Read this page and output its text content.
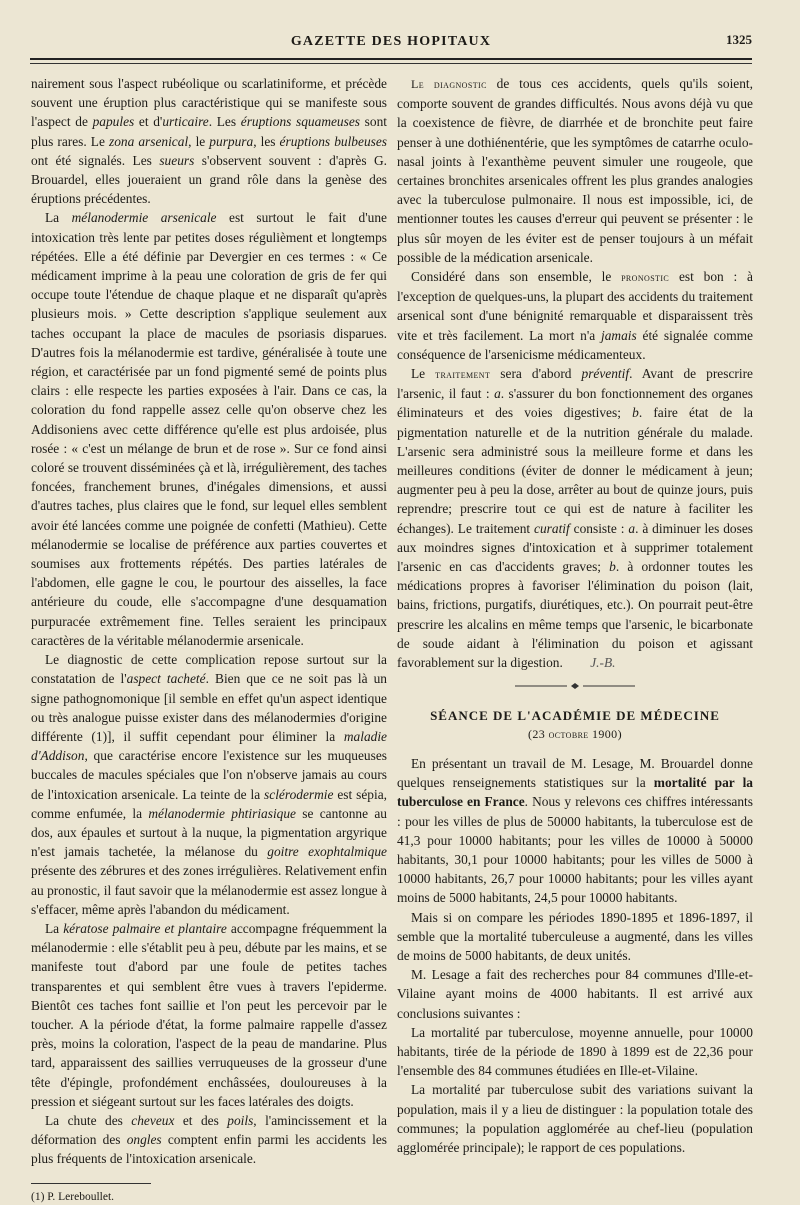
GAZETTE DES HOPITAUX	1325

nairement sous l'aspect rubéolique ou scarlatiniforme, et précède souvent une éruption plus caractéristique qui se manifeste sous l'aspect de papules et d'urticaire. Les éruptions squameuses sont plus rares. Le zona arsenical, le purpura, les éruptions bulbeuses ont été signalés. Les sueurs s'observent souvent : d'après G. Brouardel, elles joueraient un grand rôle dans la genèse des éruptions précédentes.

La mélanodermie arsenicale est surtout le fait d'une intoxication très lente par petites doses régulièment et longtemps répétées. Elle a été définie par Devergier en ces termes : « Ce médicament imprime à la peau une coloration de gris de fer qui occupe toute l'étendue de chaque plaque et ne disparaît qu'après plusieurs mois. » Cette description s'applique seulement aux taches occupant la place de macules de psoriasis disparues. D'autres fois la mélanodermie est tardive, généralisée à toute une région, et caractérisée par un fond pigmenté semé de points plus clairs : elle respecte les parties exposées à l'air. Dans ce cas, la coloration du fond rappelle assez celle qu'on observe chez les Addisoniens avec cette différence qu'elle est plus ardoisée, plus rosée : « c'est un mélange de brun et de rose ». Sur ce fond ainsi coloré se trouvent disséminées çà et là, irrégulièrement, des taches foncées, franchement brunes, d'inégales dimensions, et aussi d'autres taches, plus claires que le fond, sur lequel elles semblent avoir été lancées comme une poignée de confetti (Mathieu). Cette mélanodermie se localise de préférence aux parties couvertes et soumises aux frottements répétés. Des parties latérales de l'abdomen, elle gagne le cou, le pourtour des aisselles, la face antérieure du coude, elle s'accompagne d'une desquamation purpuracée extrêmement fine. Telles seraient les principaux caractères de la véritable mélanodermie arsenicale.

Le diagnostic de cette complication repose surtout sur la constatation de l'aspect tacheté. Bien que ce ne soit pas là un signe pathognomonique [il semble en effet qu'un aspect identique ou très analogue puisse exister dans des mélanodermies d'origine différente (1)], il suffit cependant pour éliminer la maladie d'Addison, que caractérise encore l'existence sur les muqueuses buccales de macules spéciales que l'on n'observe jamais au cours de l'intoxication arsenicale. La teinte de la sclérodermie est sépia, comme enfumée, la mélanodermie phtiriasique se cantonne au dos, aux épaules et surtout à la nuque, la pigmentation argyrique n'est jamais tachetée, la mélanose du goitre exophtalmique présente des zébrures et des zones irrégulières. Relativement enfin au pronostic, il faut savoir que la mélanodermie est assez longue à s'effacer, même après l'abandon du médicament.

La kératose palmaire et plantaire accompagne fréquemment la mélanodermie : elle s'établit peu à peu, débute par les mains, et se manifeste tout d'abord par une foule de petites taches transparentes et qui semblent être vues à travers l'epiderme. Bientôt ces taches font saillie et l'on peut les percevoir par le toucher. A la période d'état, la forme palmaire rappelle d'assez près, moins la coloration, l'aspect de la peau de mandarine. Plus tard, apparaissent des saillies verruqueuses de la grosseur d'une tête d'épingle, profondément enchâssées, douloureuses à la pression et siégeant surtout sur les faces latérales des doigts.

La chute des cheveux et des poils, l'amincissement et la déformation des ongles comptent enfin parmi les accidents les plus fréquents de l'intoxication arsenicale.

(1) P. Lereboullet.

Le diagnostic de tous ces accidents, quels qu'ils soient, comporte souvent de grandes difficultés. Nous avons déjà vu que la coexistence de fièvre, de diarrhée et de bronchite peut faire penser à une dothiénentérie, que les symptômes de catarrhe oculo-nasal joints à l'exanthème peuvent simuler une rougeole, que certaines bronchites arsenicales offrent les plus grandes analogies avec la tuberculose pulmonaire. Il nous est impossible, ici, de mentionner toutes les causes d'erreur qui peuvent se présenter : le plus sûr moyen de les éviter est de penser toujours à un méfait possible de la médication arsenicale.

Considéré dans son ensemble, le pronostic est bon : à l'exception de quelques-uns, la plupart des accidents du traitement arsenical sont d'une bénignité remarquable et disparaissent très vite et très facilement. La mort n'a jamais été signalée comme conséquence de l'arsenicisme médicamenteux.

Le traitement sera d'abord préventif. Avant de prescrire l'arsenic, il faut : a. s'assurer du bon fonctionnement des organes éliminateurs et des voies digestives; b. faire état de la pigmentation naturelle et de la nutrition générale du malade. L'arsenic sera administré sous la meilleure forme et dans les meilleures conditions (éviter de donner le médicament à jeun; augmenter peu à peu la dose, arrêter au bout de quinze jours, puis reprendre; prescrire tout ce qui est de nature à faciliter les échanges). Le traitement curatif consiste : a. à diminuer les doses aux moindres signes d'intoxication et à supprimer totalement l'arsenic en cas d'accidents graves; b. à ordonner toutes les médications propres à favoriser l'élimination du poison (lait, bains, frictions, purgatifs, diurétiques, etc.). On pourrait peut-être prescrire les alcalins en même temps que l'arsenic, le bicarbonate de soude aidant à l'élimination du poison et agissant favorablement sur la digestion. J.-B.

SÉANCE DE L'ACADÉMIE DE MÉDECINE

(23 octobre 1900)

En présentant un travail de M. Lesage, M. Brouardel donne quelques renseignements statistiques sur la mortalité par la tuberculose en France. Nous y relevons ces chiffres intéressants : pour les villes de plus de 50000 habitants, la tuberculose est de 41,3 pour 10000 habitants; pour les villes de 10000 à 50000 habitants, 30,1 pour 10000 habitants; pour les villes de 5000 à 10000 habitants, 26,7 pour 10000 habitants; pour les villes ayant moins de 5000 habitants, 24,5 pour 10000 habitants.

Mais si on compare les périodes 1890-1895 et 1896-1897, il semble que la mortalité tuberculeuse a augmenté, dans les villes de moins de 5000 habitants, de deux unités.

M. Lesage a fait des recherches pour 84 communes d'Ille-et-Vilaine ayant moins de 4000 habitants. Il est arrivé aux conclusions suivantes :

La mortalité par tuberculose, moyenne annuelle, pour 10000 habitants, tirée de la période de 1890 à 1899 est de 22,36 pour l'ensemble des 84 communes étudiées en Ille-et-Vilaine.

La mortalité par tuberculose subit des variations suivant la population, mais il y a lieu de distinguer : la population totale des communes; la population agglomérée au chef-lieu (population agglomérée principale); le rapport de ces populations.
